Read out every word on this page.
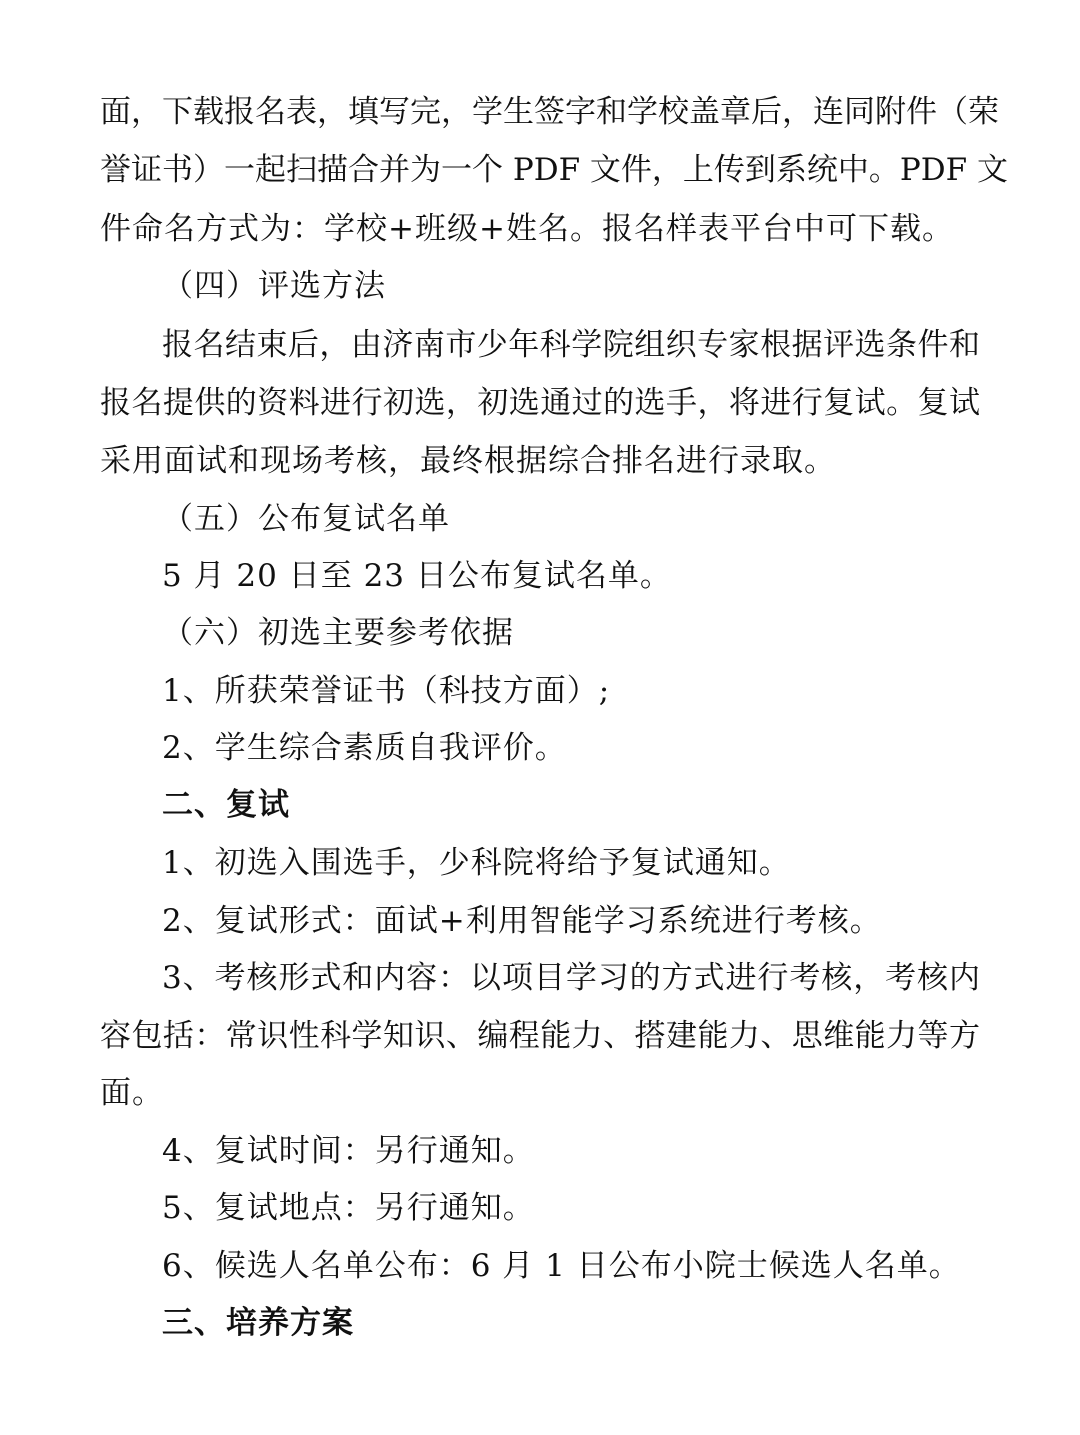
面，下载报名表，填写完，学生签字和学校盖章后，连同附件（荣
誉证书）一起扫描合并为一个 PDF 文件，上传到系统中。PDF 文
件命名方式为：学校+班级+姓名。报名样表平台中可下载。
（四）评选方法
报名结束后，由济南市少年科学院组织专家根据评选条件和
报名提供的资料进行初选，初选通过的选手，将进行复试。复试
采用面试和现场考核，最终根据综合排名进行录取。
（五）公布复试名单
5 月 20 日至 23 日公布复试名单。
（六）初选主要参考依据
1、所获荣誉证书（科技方面）;
2、学生综合素质自我评价。
二、复试
1、初选入围选手，少科院将给予复试通知。
2、复试形式：面试+利用智能学习系统进行考核。
3、考核形式和内容：以项目学习的方式进行考核，考核内
容包括：常识性科学知识、编程能力、搭建能力、思维能力等方
面。
4、复试时间：另行通知。
5、复试地点：另行通知。
6、候选人名单公布：6 月 1 日公布小院士候选人名单。
三、培养方案
